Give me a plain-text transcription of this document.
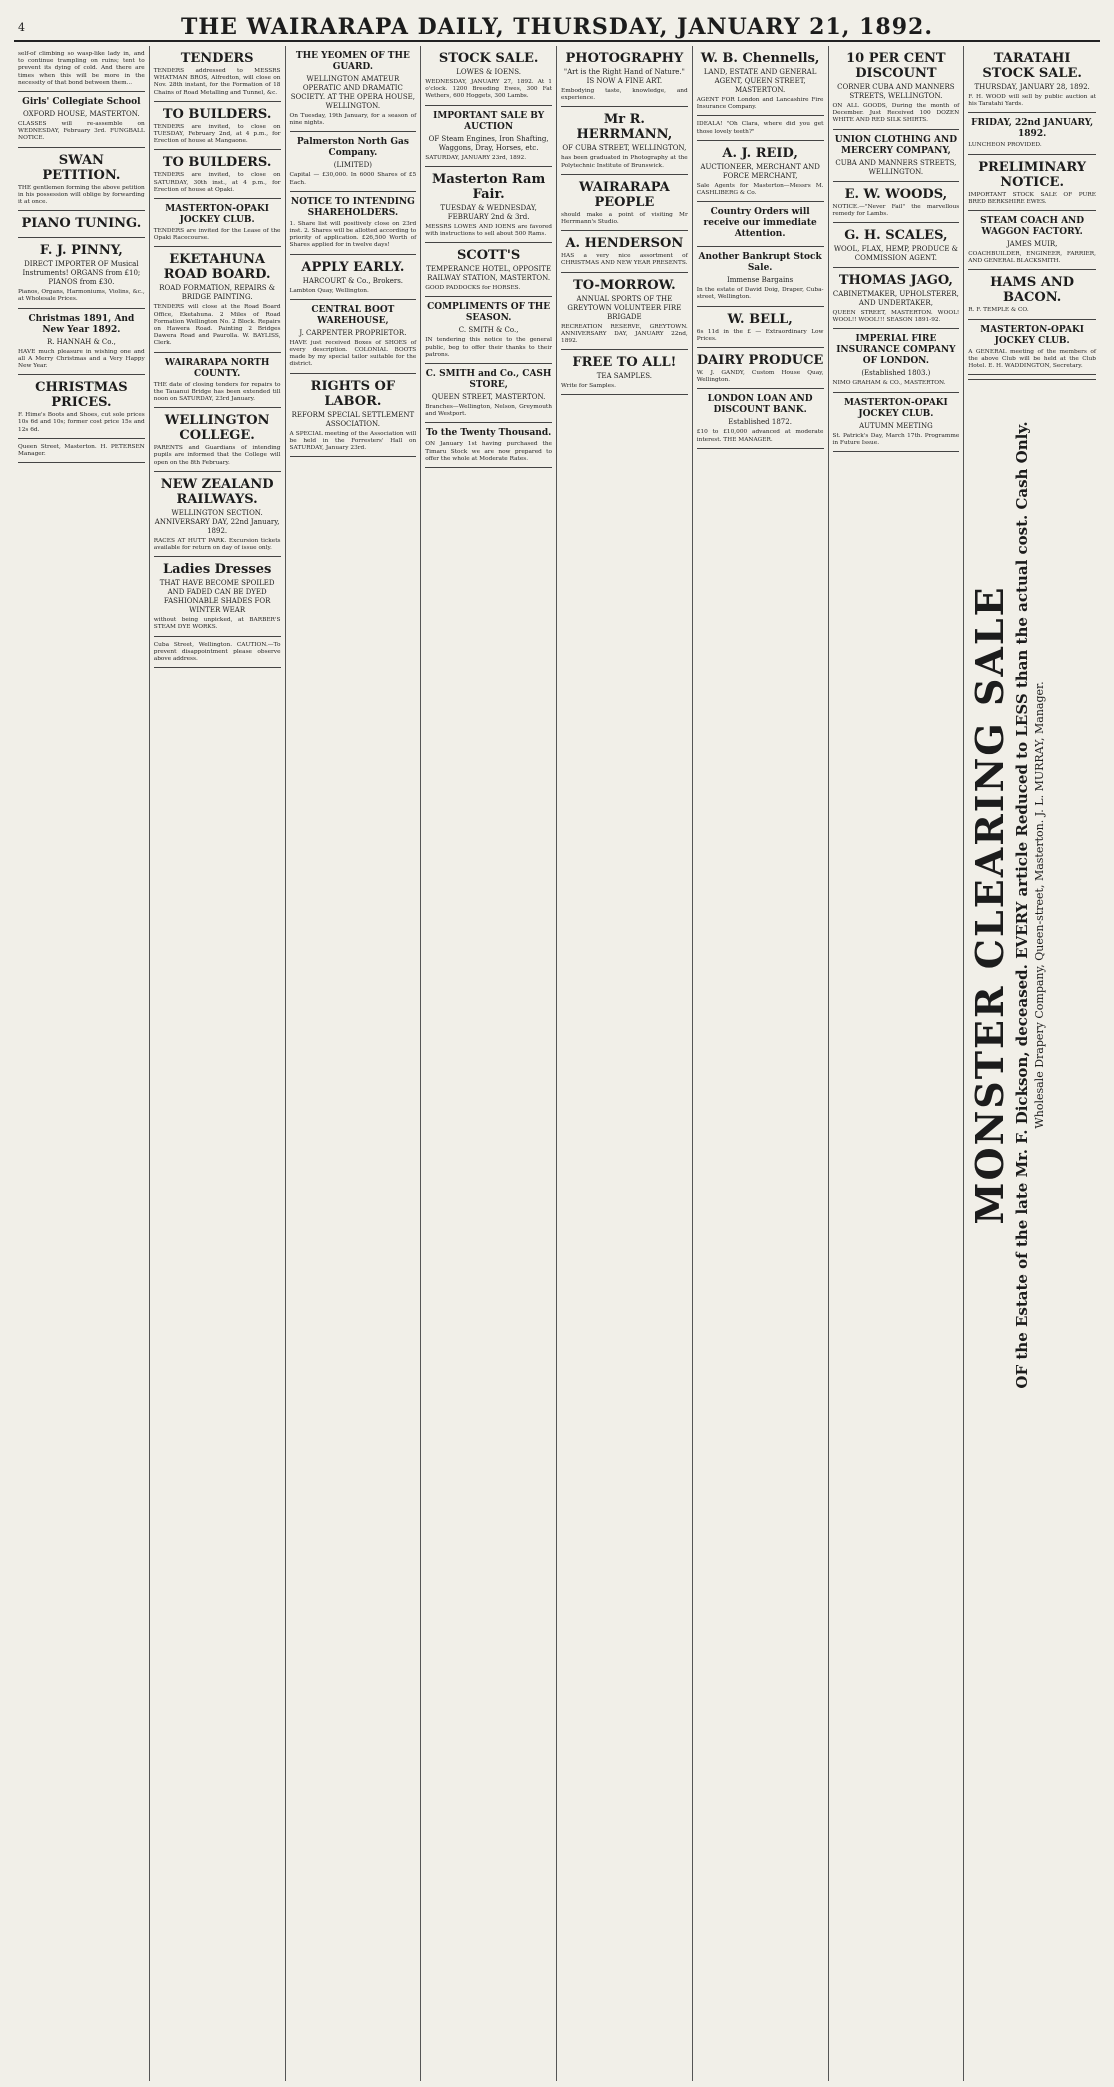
4	THE WAIRARAPA DAILY, THURSDAY, JANUARY 21, 1892.
self-of climbing so wasp-like lady in, and to continue trampling on ruins; tent to prevent its dying of cold. And there are times when this will be more in the necessity of that bond between them...
Girls' Collegiate School
OXFORD HOUSE, MASTERTON.
CLASSES will re-assemble on WEDNESDAY, February 3rd. FUNGBALL NOTICE.
SWAN PETITION.
THE gentlemen forming the above petition in his possession will oblige by forwarding it at once.
PIANO TUNING.
F. J. PINNY,
DIRECT IMPORTER OF Musical Instruments! ORGANS from £10; PIANOS from £30.
Pianos, Organs, Harmoniums, Violins, &c., at Wholesale Prices.
Christmas 1891, And New Year 1892.
R. HANNAH & Co.,
HAVE much pleasure in wishing one and all A Merry Christmas and a Very Happy New Year.
CHRISTMAS PRICES.
F. Hime's Boots and Shoes, cut sole prices 10s 6d and 10s; former cost price 15s and 12s 6d.
Queen Street, Masterton. H. PETERSEN Manager.
TENDERS
TENDERS addressed to MESSRS WHATMAN BROS, Alfredton, will close on Nov. 28th instant, for the Formation of 18 Chains of Road Metalling and Tunnel, &c.
TO BUILDERS.
TENDERS are invited, to close on TUESDAY, February 2nd, at 4 p.m., for Erection of house at Mangaone.
TO BUILDERS.
TENDERS are invited, to close on SATURDAY, 30th inst., at 4 p.m., for Erection of house at Opaki.
MASTERTON-OPAKI JOCKEY CLUB.
TENDERS are invited for the Lease of the Opaki Racecourse.
EKETAHUNA ROAD BOARD.
ROAD FORMATION, REPAIRS & BRIDGE PAINTING.
TENDERS will close at the Road Board Office, Eketahuna. 2 Miles of Road Formation Wellington No. 2 Block. Repairs on Hawera Road. Painting 2 Bridges Dawera Road and Paurolla. W. BAYLISS, Clerk.
WAIRARAPA NORTH COUNTY.
THE date of closing tenders for repairs to the Tauanui Bridge has been extended till noon on SATURDAY, 23rd January.
WELLINGTON COLLEGE.
PARENTS and Guardians of intending pupils are informed that the College will open on the 8th February.
NEW ZEALAND RAILWAYS.
WELLINGTON SECTION. ANNIVERSARY DAY, 22nd January, 1892.
RACES AT HUTT PARK. Excursion tickets available for return on day of issue only.
Ladies Dresses
THAT HAVE BECOME SPOILED AND FADED CAN BE DYED FASHIONABLE SHADES FOR WINTER WEAR
without being unpicked, at BARBER'S STEAM DYE WORKS.
Cuba Street, Wellington. CAUTION.—To prevent disappointment please observe above address.
THE YEOMEN OF THE GUARD.
WELLINGTON AMATEUR OPERATIC AND DRAMATIC SOCIETY. AT THE OPERA HOUSE, WELLINGTON.
On Tuesday, 19th January, for a season of nine nights.
Palmerston North Gas Company.
(LIMITED)
Capital — £30,000. In 6000 Shares of £5 Each.
NOTICE TO INTENDING SHAREHOLDERS.
1. Share list will positively close on 23rd inst. 2. Shares will be allotted according to priority of application. £26,500 Worth of Shares applied for in twelve days!
APPLY EARLY.
HARCOURT & Co., Brokers.
Lambton Quay, Wellington.
CENTRAL BOOT WAREHOUSE,
J. CARPENTER PROPRIETOR.
HAVE just received Boxes of SHOES of every description. COLONIAL BOOTS made by my special tailor suitable for the district.
RIGHTS OF LABOR.
REFORM SPECIAL SETTLEMENT ASSOCIATION.
A SPECIAL meeting of the Association will be held in the Forresters' Hall on SATURDAY, January 23rd.
STOCK SALE.
LOWES & IOENS.
WEDNESDAY, JANUARY 27, 1892. At 1 o'clock. 1200 Breeding Ewes, 300 Fat Wethers, 600 Hoggets, 300 Lambs.
IMPORTANT SALE BY AUCTION
OF Steam Engines, Iron Shafting, Waggons, Dray, Horses, etc.
SATURDAY, JANUARY 23rd, 1892.
Masterton Ram Fair.
TUESDAY & WEDNESDAY, FEBRUARY 2nd & 3rd.
MESSRS LOWES AND IOENS are favored with instructions to sell about 500 Rams.
SCOTT'S
TEMPERANCE HOTEL, OPPOSITE RAILWAY STATION, MASTERTON.
GOOD PADDOCKS for HORSES.
COMPLIMENTS OF THE SEASON.
C. SMITH & Co.,
IN tendering this notice to the general public, beg to offer their thanks to their patrons.
C. SMITH and Co., CASH STORE,
QUEEN STREET, MASTERTON.
Branches—Wellington, Nelson, Greymouth and Westport.
To the Twenty Thousand.
ON January 1st having purchased the Timaru Stock we are now prepared to offer the whole at Moderate Rates.
PHOTOGRAPHY
"Art is the Right Hand of Nature." IS NOW A FINE ART.
Embodying taste, knowledge, and experience.
Mr R. HERRMANN,
OF CUBA STREET, WELLINGTON,
has been graduated in Photography at the Polytechnic Institute of Brunswick.
WAIRARAPA PEOPLE
should make a point of visiting Mr Herrmann's Studio.
A. HENDERSON
HAS a very nice assortment of CHRISTMAS AND NEW YEAR PRESENTS.
TO-MORROW.
ANNUAL SPORTS OF THE GREYTOWN VOLUNTEER FIRE BRIGADE
RECREATION RESERVE, GREYTOWN. ANNIVERSARY DAY, JANUARY 22nd, 1892.
FREE TO ALL!
TEA SAMPLES.
Write for Samples.
W. B. Chennells,
LAND, ESTATE AND GENERAL AGENT, QUEEN STREET, MASTERTON.
AGENT FOR London and Lancashire Fire Insurance Company.
IDEALA! "Oh Clara, where did you get those lovely teeth?"
A. J. REID,
AUCTIONEER, MERCHANT AND FORCE MERCHANT,
Sale Agents for Masterton—Messrs M. CASHLIBERG & Co.
Country Orders will receive our immediate Attention.
Another Bankrupt Stock Sale.
Immense Bargains
In the estate of David Doig, Draper, Cuba-street, Wellington.
W. BELL,
6s 11d in the £ — Extraordinary Low Prices.
DAIRY PRODUCE
W. J. GANDY, Custom House Quay, Wellington.
LONDON LOAN AND DISCOUNT BANK.
Established 1872.
£10 to £10,000 advanced at moderate interest. THE MANAGER.
10 PER CENT DISCOUNT
CORNER CUBA AND MANNERS STREETS, WELLINGTON.
ON ALL GOODS, During the month of December. Just Received 100 DOZEN WHITE AND RED SILK SHIRTS.
UNION CLOTHING AND MERCERY COMPANY,
CUBA AND MANNERS STREETS, WELLINGTON.
E. W. WOODS,
NOTICE.—"Never Fail" the marvellous remedy for Lambs.
G. H. SCALES,
WOOL, FLAX, HEMP, PRODUCE & COMMISSION AGENT.
THOMAS JAGO,
CABINETMAKER, UPHOLSTERER, AND UNDERTAKER,
QUEEN STREET, MASTERTON. WOOL! WOOL!! WOOL!!! SEASON 1891-92.
IMPERIAL FIRE INSURANCE COMPANY OF LONDON.
(Established 1803.)
NIMO GRAHAM & CO., MASTERTON.
MASTERTON-OPAKI JOCKEY CLUB.
AUTUMN MEETING
St. Patrick's Day, March 17th. Programme in Future Issue.
TARATAHI STOCK SALE.
THURSDAY, JANUARY 28, 1892.
F. H. WOOD will sell by public auction at his Taratahi Yards.
FRIDAY, 22nd JANUARY, 1892.
LUNCHEON PROVIDED.
PRELIMINARY NOTICE.
IMPORTANT STOCK SALE OF PURE BRED BERKSHIRE EWES.
STEAM COACH AND WAGGON FACTORY.
JAMES MUIR,
COACHBUILDER, ENGINEER, FARRIER, AND GENERAL BLACKSMITH.
HAMS AND BACON.
R. F. TEMPLE & CO.
MASTERTON-OPAKI JOCKEY CLUB.
A GENERAL meeting of the members of the above Club will be held at the Club Hotel. E. H. WADDINGTON, Secretary.
MONSTER CLEARING SALE OF the Estate of the late Mr. F. Dickson, deceased. EVERY article Reduced to LESS than the actual cost. Cash Only. Wholesale Drapery Company, Queen-street, Masterton. J. L. MURRAY, Manager.
